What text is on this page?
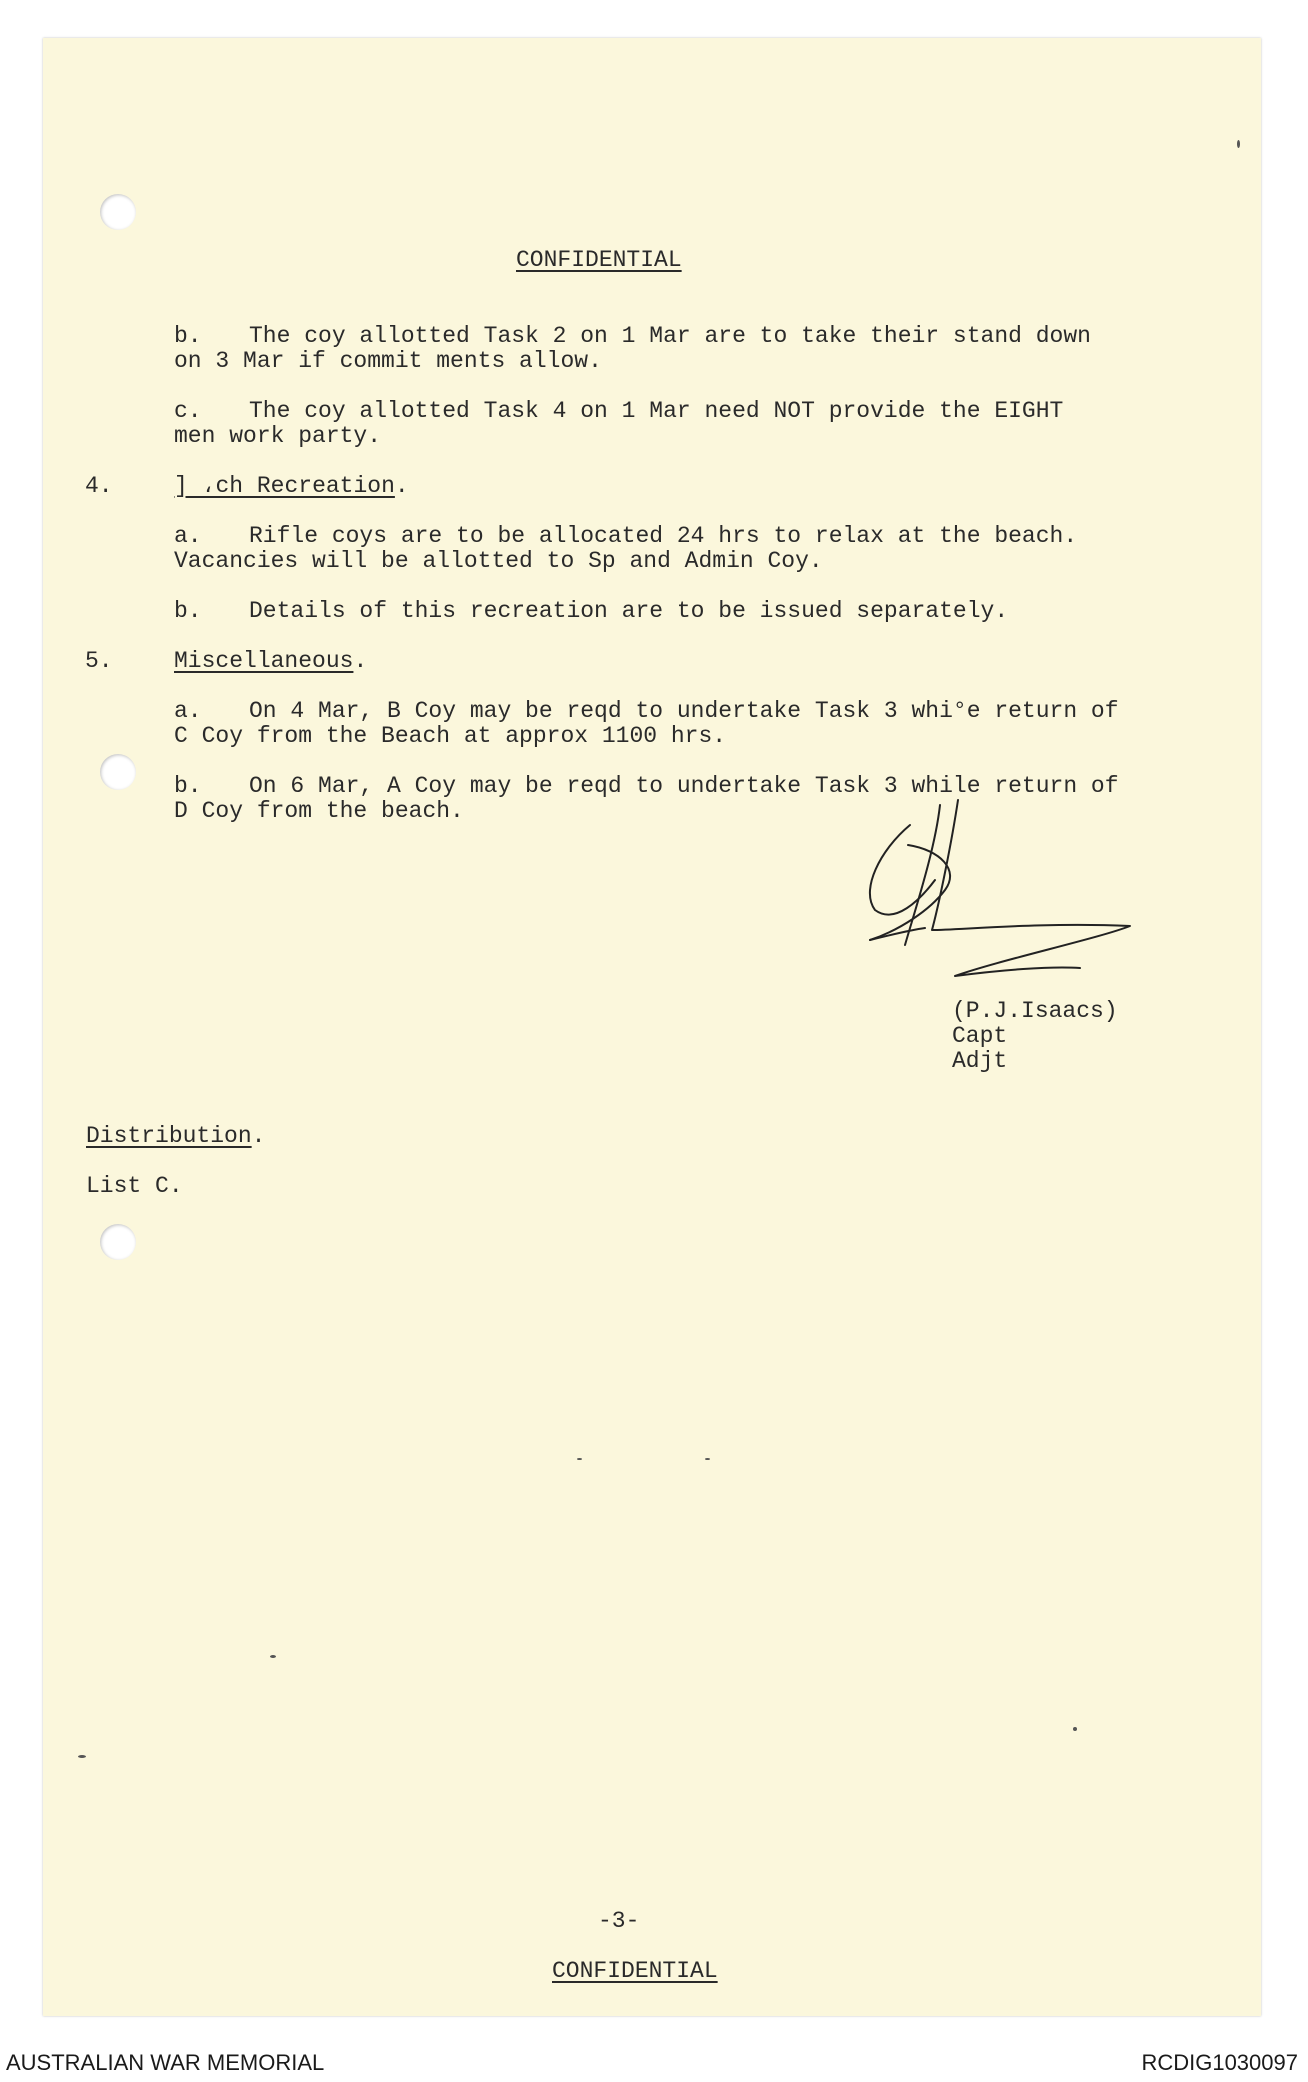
CONFIDENTIAL
b. The coy allotted Task 2 on 1 Mar are to take their stand down
on 3 Mar if commit ments allow.
c. The coy allotted Task 4 on 1 Mar need NOT provide the EIGHT
men work party.
4.	] ،ch Recreation.
a. Rifle coys are to be allocated 24 hrs to relax at the beach.
Vacancies will be allotted to Sp and Admin Coy.
b. Details of this recreation are to be issued separately.
5.	Miscellaneous.
a. On 4 Mar, B Coy may be reqd to undertake Task 3 whi°e return of
C Coy from the Beach at approx 1100 hrs.
b. On 6 Mar, A Coy may be reqd to undertake Task 3 while return of
D Coy from the beach.
(P.J.Isaacs)
Capt
Adjt
Distribution.
List C.
-3-
CONFIDENTIAL
AUSTRALIAN WAR MEMORIAL	RCDIG1030097
